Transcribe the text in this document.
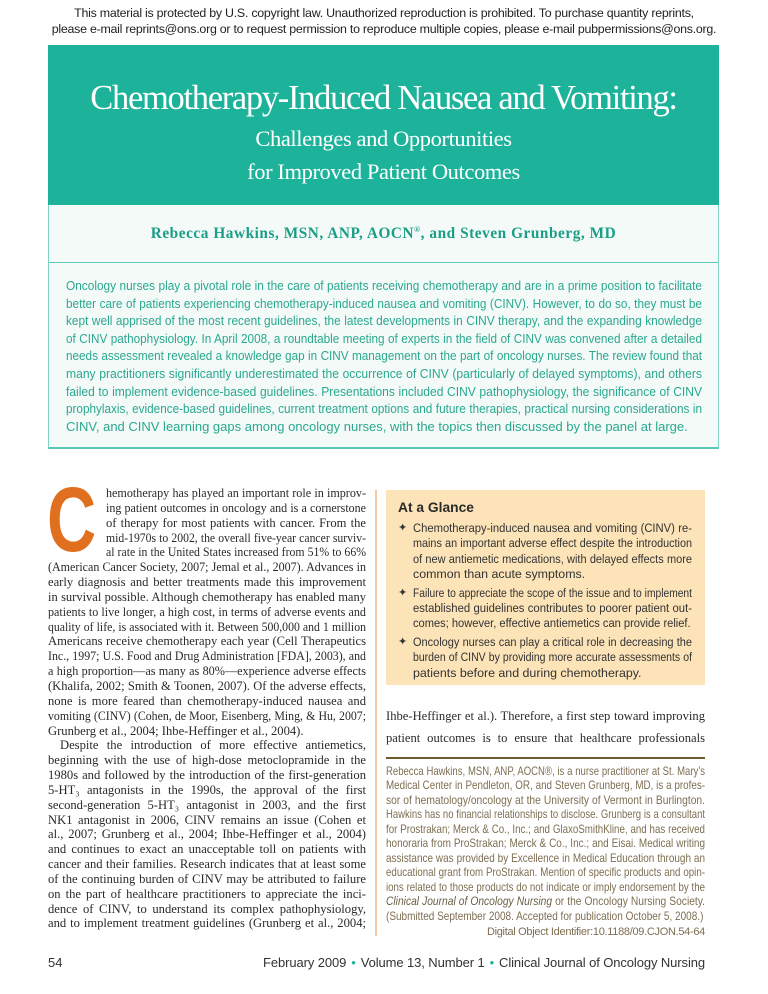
This material is protected by U.S. copyright law. Unauthorized reproduction is prohibited. To purchase quantity reprints,
please e-mail reprints@ons.org or to request permission to reproduce multiple copies, please e-mail pubpermissions@ons.org.
Chemotherapy-Induced Nausea and Vomiting:
Challenges and Opportunities
for Improved Patient Outcomes
Rebecca Hawkins, MSN, ANP, AOCN®, and Steven Grunberg, MD
Oncology nurses play a pivotal role in the care of patients receiving chemotherapy and are in a prime position to facilitate
better care of patients experiencing chemotherapy-induced nausea and vomiting (CINV). However, to do so, they must be
kept well apprised of the most recent guidelines, the latest developments in CINV therapy, and the expanding knowledge
of CINV pathophysiology. In April 2008, a roundtable meeting of experts in the field of CINV was convened after a detailed
needs assessment revealed a knowledge gap in CINV management on the part of oncology nurses. The review found that
many practitioners significantly underestimated the occurrence of CINV (particularly of delayed symptoms), and others
failed to implement evidence-based guidelines. Presentations included CINV pathophysiology, the significance of CINV
prophylaxis, evidence-based guidelines, current treatment options and future therapies, practical nursing considerations in
CINV, and CINV learning gaps among oncology nurses, with the topics then discussed by the panel at large.
C hemotherapy has played an important role in improv-
ing patient outcomes in oncology and is a cornerstone
of therapy for most patients with cancer. From the
mid-1970s to 2002, the overall five-year cancer surviv-
al rate in the United States increased from 51% to 66%
(American Cancer Society, 2007; Jemal et al., 2007). Advances in
early diagnosis and better treatments made this improvement
in survival possible. Although chemotherapy has enabled many
patients to live longer, a high cost, in terms of adverse events and
quality of life, is associated with it. Between 500,000 and 1 million
Americans receive chemotherapy each year (Cell Therapeutics
Inc., 1997; U.S. Food and Drug Administration [FDA], 2003), and
a high proportion—as many as 80%—experience adverse effects
(Khalifa, 2002; Smith & Toonen, 2007). Of the adverse effects,
none is more feared than chemotherapy-induced nausea and
vomiting (CINV) (Cohen, de Moor, Eisenberg, Ming, & Hu, 2007;
Grunberg et al., 2004; Ihbe-Heffinger et al., 2004).
Despite the introduction of more effective antiemetics,
beginning with the use of high-dose metoclopramide in the
1980s and followed by the introduction of the first-generation
5-HT₃ antagonists in the 1990s, the approval of the first
second-generation 5-HT₃ antagonist in 2003, and the first
NK1 antagonist in 2006, CINV remains an issue (Cohen et
al., 2007; Grunberg et al., 2004; Ihbe-Heffinger et al., 2004)
and continues to exact an unacceptable toll on patients with
cancer and their families. Research indicates that at least some
of the continuing burden of CINV may be attributed to failure
on the part of healthcare practitioners to appreciate the inci-
dence of CINV, to understand its complex pathophysiology,
and to implement treatment guidelines (Grunberg et al., 2004;
At a Glance
✦ Chemotherapy-induced nausea and vomiting (CINV) re-
mains an important adverse effect despite the introduction
of new antiemetic medications, with delayed effects more
common than acute symptoms.
✦ Failure to appreciate the scope of the issue and to implement
established guidelines contributes to poorer patient out-
comes; however, effective antiemetics can provide relief.
✦ Oncology nurses can play a critical role in decreasing the
burden of CINV by providing more accurate assessments of
patients before and during chemotherapy.
Ihbe-Heffinger et al.). Therefore, a first step toward improving
patient outcomes is to ensure that healthcare professionals
Rebecca Hawkins, MSN, ANP, AOCN®, is a nurse practitioner at St. Mary’s
Medical Center in Pendleton, OR, and Steven Grunberg, MD, is a profes-
sor of hematology/oncology at the University of Vermont in Burlington.
Hawkins has no financial relationships to disclose. Grunberg is a consultant
for Prostrakan; Merck & Co., Inc.; and GlaxoSmithKline, and has received
honoraria from ProStrakan; Merck & Co., Inc.; and Eisai. Medical writing
assistance was provided by Excellence in Medical Education through an
educational grant from ProStrakan. Mention of specific products and opin-
ions related to those products do not indicate or imply endorsement by the
Clinical Journal of Oncology Nursing or the Oncology Nursing Society.
(Submitted September 2008. Accepted for publication October 5, 2008.)
Digital Object Identifier:10.1188/09.CJON.54-64
54	February 2009 • Volume 13, Number 1 • Clinical Journal of Oncology Nursing
